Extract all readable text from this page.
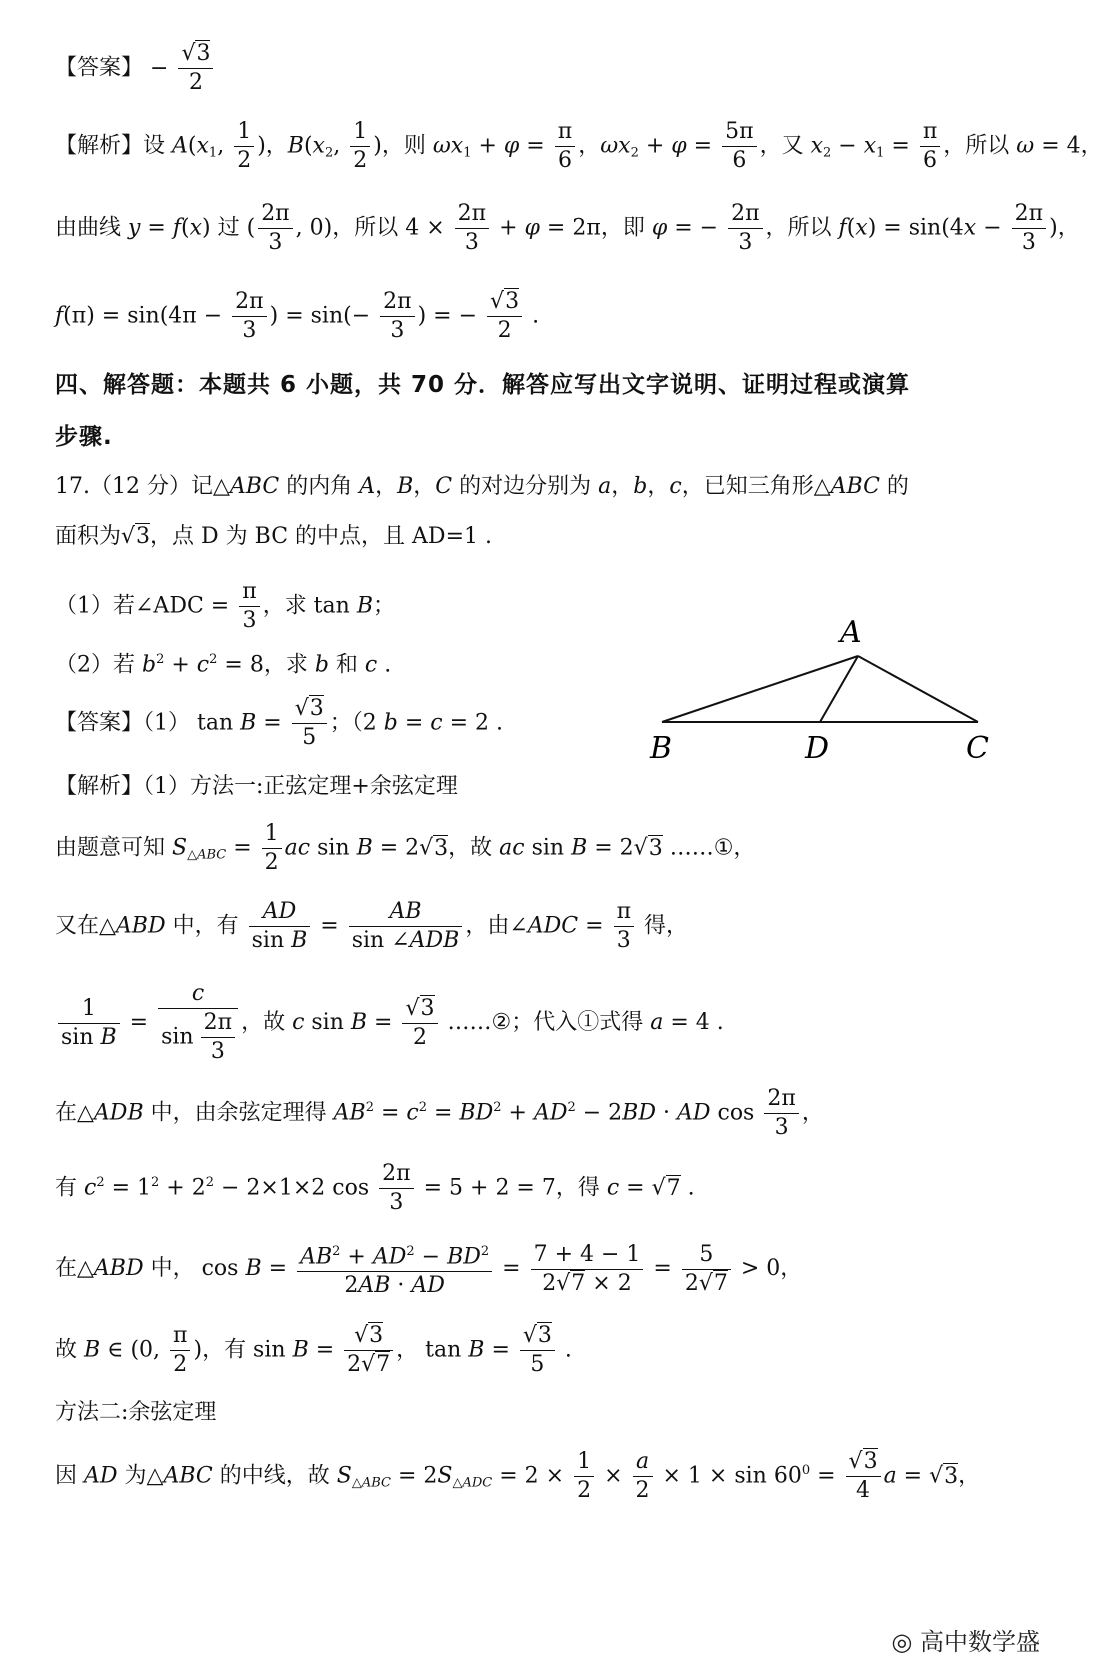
【答案】 − $\frac{√3}{2}$
【解析】设 $A(x_1$, $\frac{1}{2}$ )，$B(x_2$, $\frac{1}{2}$ )，则 $\omega x_1 + \varphi = \frac{\pi}{6}$ ，$\omega x_2 + \varphi = \frac{5\pi}{6}$ ，又 $x_2 - x_1 = \frac{\pi}{6}$ ，所以 ω = 4，
由曲线 y = f(x) 过 ( $\frac{2\pi}{3}$ , 0)，所以 $4 \times \frac{2\pi}{3} + \varphi = 2\pi$，即 φ = − $\frac{2\pi}{3}$ ，所以 $f(x) = \sin(4x - \frac{2\pi}{3}$ )，
$f(\pi) = \sin(4\pi - \frac{2\pi}{3}$ ) = $\sin(- \frac{2\pi}{3}$ ) = − $\frac{√3}{2}$ .
四、解答题：本题共 6 小题，共 70 分．解答应写出文字说明、证明过程或演算
步骤.
17.（12 分）记△ABC 的内角 A，B，C 的对边分别为 a，b，c，已知三角形△ABC 的
面积为√3，点 D 为 BC 的中点，且 AD=1 .
（1）若∠ADC = $\frac{\pi}{3}$ ，求 tan B；
（2）若 $b^2 + c^2 = 8$，求 b 和 c .
【答案】（1） $\tan B = \frac{√3}{5}$ ；（2 b = c = 2 .
A
B	D	C
【解析】（1）方法一:正弦定理+余弦定理
由题意可知 $S_{\triangle ABC} = \frac{1}{2}$ ac sin B = 2√3，故 ac sin B = 2√3 ……①，
又在△ABD 中，有 $\frac{AD}{\text{sin B}}$ =
AB
sin ∠ADB
，由∠ADC = $\frac{\pi}{3}$ 得，
$\frac{1}{\text{sin B}} = \frac{c}{\sin \frac{2\pi}{3}}$ ，故 c $\sin B = \frac{√3}{2}$ ……②；代入①式得 a = 4 .
在△ADB 中，由余弦定理得 $AB^2 = c^2 = BD^2 + AD^2 - 2BD$ · AD $\cos \frac{2\pi}{3}$ ，
有 $c^2 = 1^2 + 2^2 - 2\times 1\times 2$ $\cos \frac{2\pi}{3} = 5 + 2 = 7$，得 c = √7 .
在△ABD 中， $\cos B = \frac{AB^2 + AD^2 - BD^2}{2AB \cdot AD} = \frac{7 + 4 - 1}{2√7 \times 2} = \frac{5}{2√7} > 0$，
故 B ∈ (0, $\frac{\pi}{2}$ )，有 $\sin B = \frac{√3}{2√7}$ ， $\tan B = \frac{√3}{5}$ .
方法二:余弦定理
因 AD 为△ABC 的中线，故 $S_{\triangle ABC} = 2S_{\triangle ADC} = 2 \times \frac{1}{2} \times \frac{a}{2} \times 1 \times \sin 60^0 = \frac{√3}{4}$ a = √3，
◎ 高中数学盛
